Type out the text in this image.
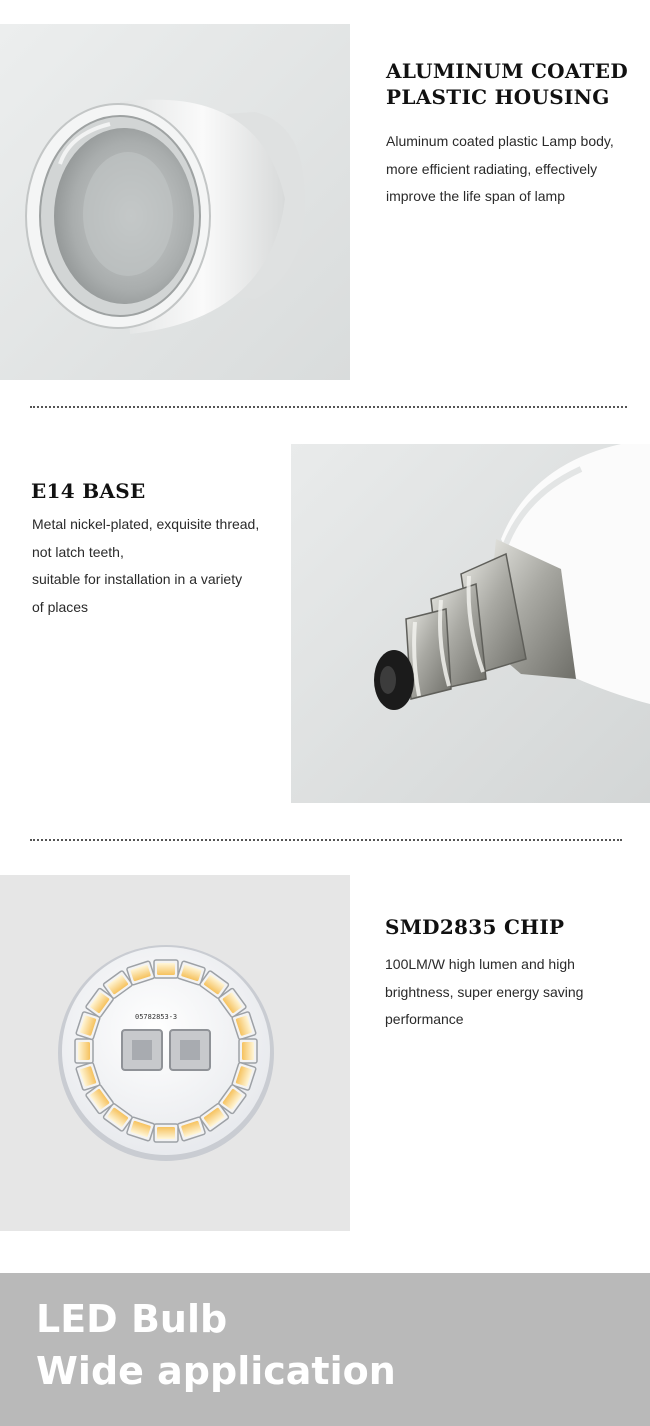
ALUMINUM COATED
PLASTIC HOUSING
Aluminum coated plastic Lamp body,
more efficient radiating, effectively
improve the life span of lamp
E14 BASE
Metal nickel-plated, exquisite thread,
not latch teeth,
suitable for installation in a variety
of places
05782853-3
SMD2835 CHIP
100LM/W high lumen and high
brightness, super energy saving
performance
LED Bulb
Wide application
